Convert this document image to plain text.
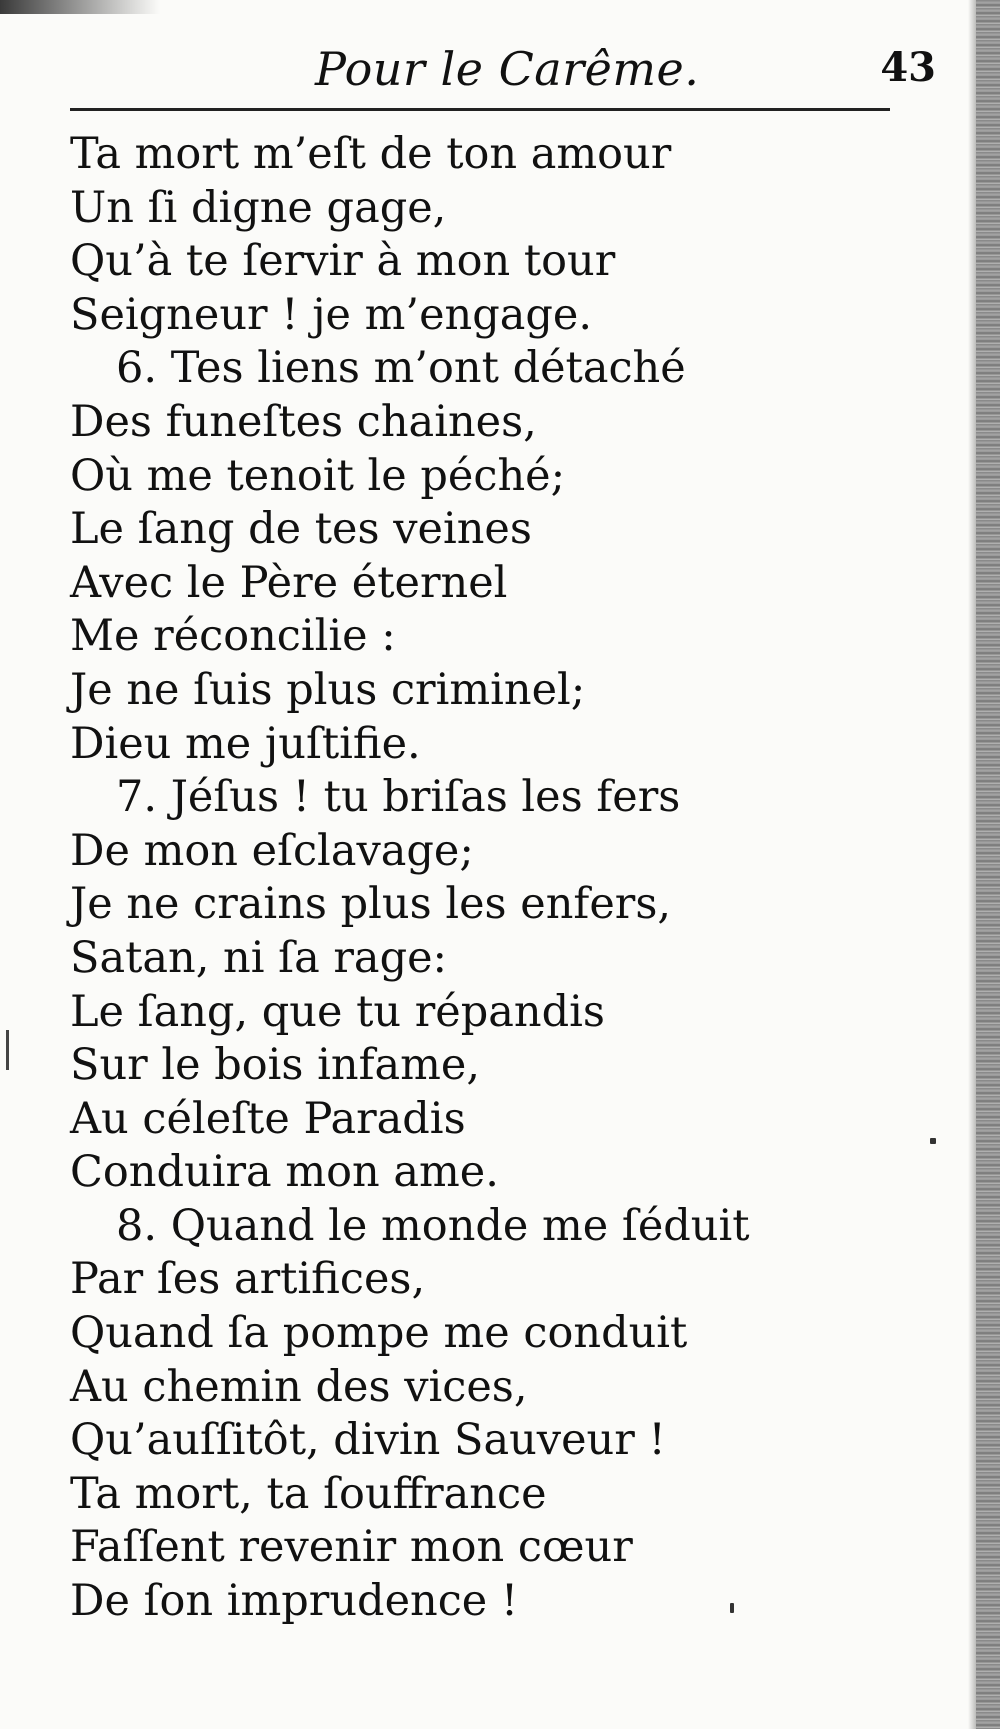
Pour le Carême.	43
Ta mort m’eſt de ton amour
Un ſi digne gage,
Qu’à te ſervir à mon tour
Seigneur ! je m’engage.
6. Tes liens m’ont détaché
Des funeſtes chaines,
Où me tenoit le péché;
Le ſang de tes veines
Avec le Père éternel
Me réconcilie :
Je ne ſuis plus criminel;
Dieu me juſtifie.
7. Jéſus ! tu briſas les fers
De mon eſclavage;
Je ne crains plus les enfers,
Satan, ni ſa rage:
Le ſang, que tu répandis
Sur le bois infame,
Au céleſte Paradis
Conduira mon ame.
8. Quand le monde me ſéduit
Par ſes artifices,
Quand ſa pompe me conduit
Au chemin des vices,
Qu’auſſitôt, divin Sauveur !
Ta mort, ta ſouffrance
Faſſent revenir mon cœur
De ſon imprudence !
